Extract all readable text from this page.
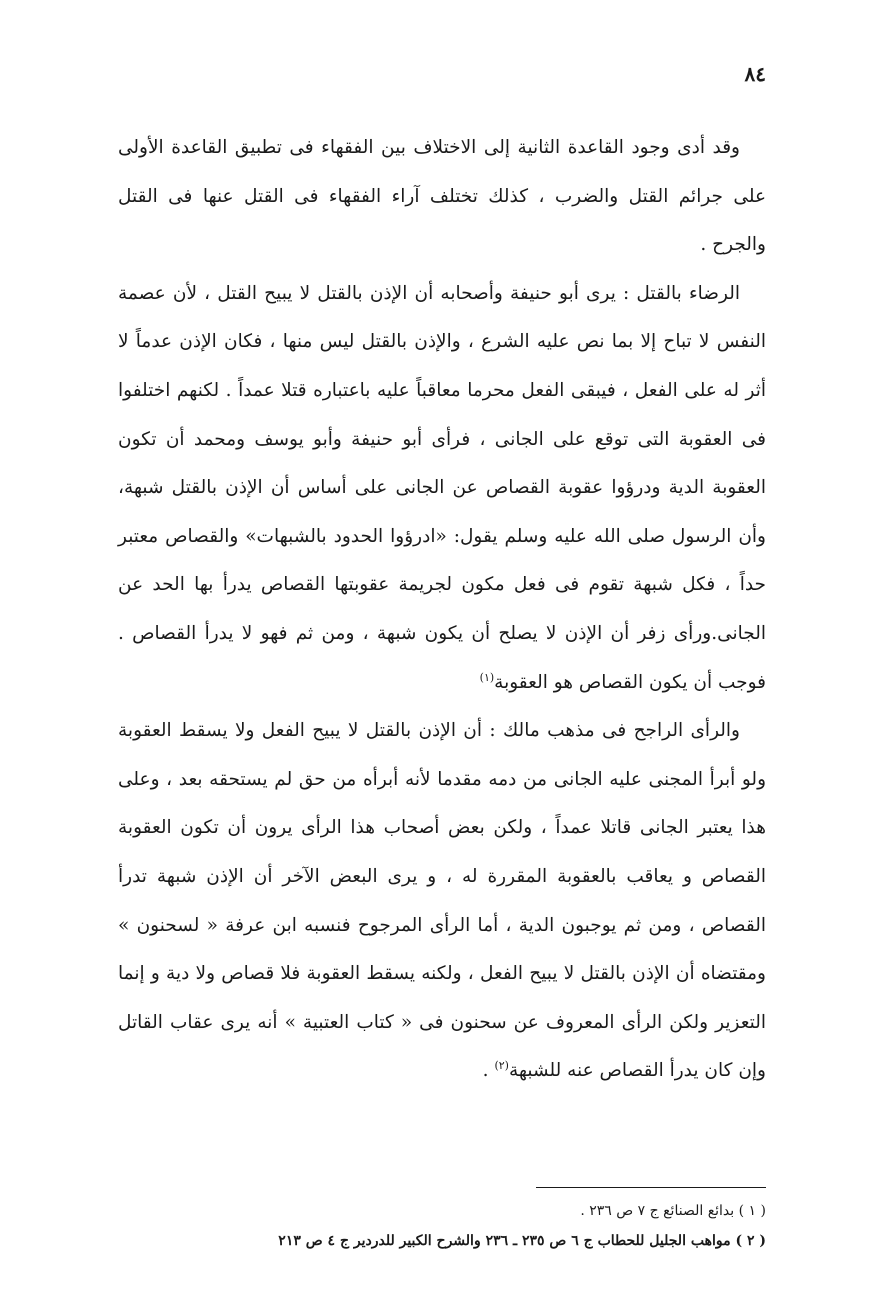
٨٤

وقد أدى وجود القاعدة الثانية إلى الاختلاف بين الفقهاء فى تطبيق القاعدة الأولى على جرائم القتل والضرب ، كذلك تختلف آراء الفقهاء فى القتل عنها فى القتل والجرح .

الرضاء بالقتل : يرى أبو حنيفة وأصحابه أن الإذن بالقتل لا يبيح القتل ، لأن عصمة النفس لا تباح إلا بما نص عليه الشرع ، والإذن بالقتل ليس منها ، فكان الإذن عدماً لا أثر له على الفعل ، فيبقى الفعل محرما معاقباً عليه باعتباره قتلا عمداً . لكنهم اختلفوا فى العقوبة التى توقع على الجانى ، فرأى أبو حنيفة وأبو يوسف ومحمد أن تكون العقوبة الدية ودرؤوا عقوبة القصاص عن الجانى على أساس أن الإذن بالقتل شبهة، وأن الرسول صلى الله عليه وسلم يقول: «ادرؤوا الحدود بالشبهات» والقصاص معتبر حداً ، فكل شبهة تقوم فى فعل مكون لجريمة عقوبتها القصاص يدرأ بها الحد عن الجانى.ورأى زفر أن الإذن لا يصلح أن يكون شبهة ، ومن ثم فهو لا يدرأ القصاص . فوجب أن يكون القصاص هو العقوبة$^{(١)}$

والرأى الراجح فى مذهب مالك : أن الإذن بالقتل لا يبيح الفعل ولا يسقط العقوبة ولو أبرأ المجنى عليه الجانى من دمه مقدما لأنه أبرأه من حق لم يستحقه بعد ، وعلى هذا يعتبر الجانى قاتلا عمداً ، ولكن بعض أصحاب هذا الرأى يرون أن تكون العقوبة القصاص و يعاقب بالعقوبة المقررة له ، و يرى البعض الآخر أن الإذن شبهة تدرأ القصاص ، ومن ثم يوجبون الدية ، أما الرأى المرجوح فنسبه ابن عرفة « لسحنون » ومقتضاه أن الإذن بالقتل لا يبيح الفعل ، ولكنه يسقط العقوبة فلا قصاص ولا دية و إنما التعزير ولكن الرأى المعروف عن سحنون فى « كتاب العتبية » أنه يرى عقاب القاتل وإن كان يدرأ القصاص عنه للشبهة$^{(٢)}$ .

( ١ ) بدائع الصنائع ج ٧ ص ٢٣٦ .

( ٢ ) مواهب الجليل للحطاب ج ٦ ص ٢٣٥ ـ ٢٣٦ والشرح الكبير للدردير ج ٤ ص ٢١٣
